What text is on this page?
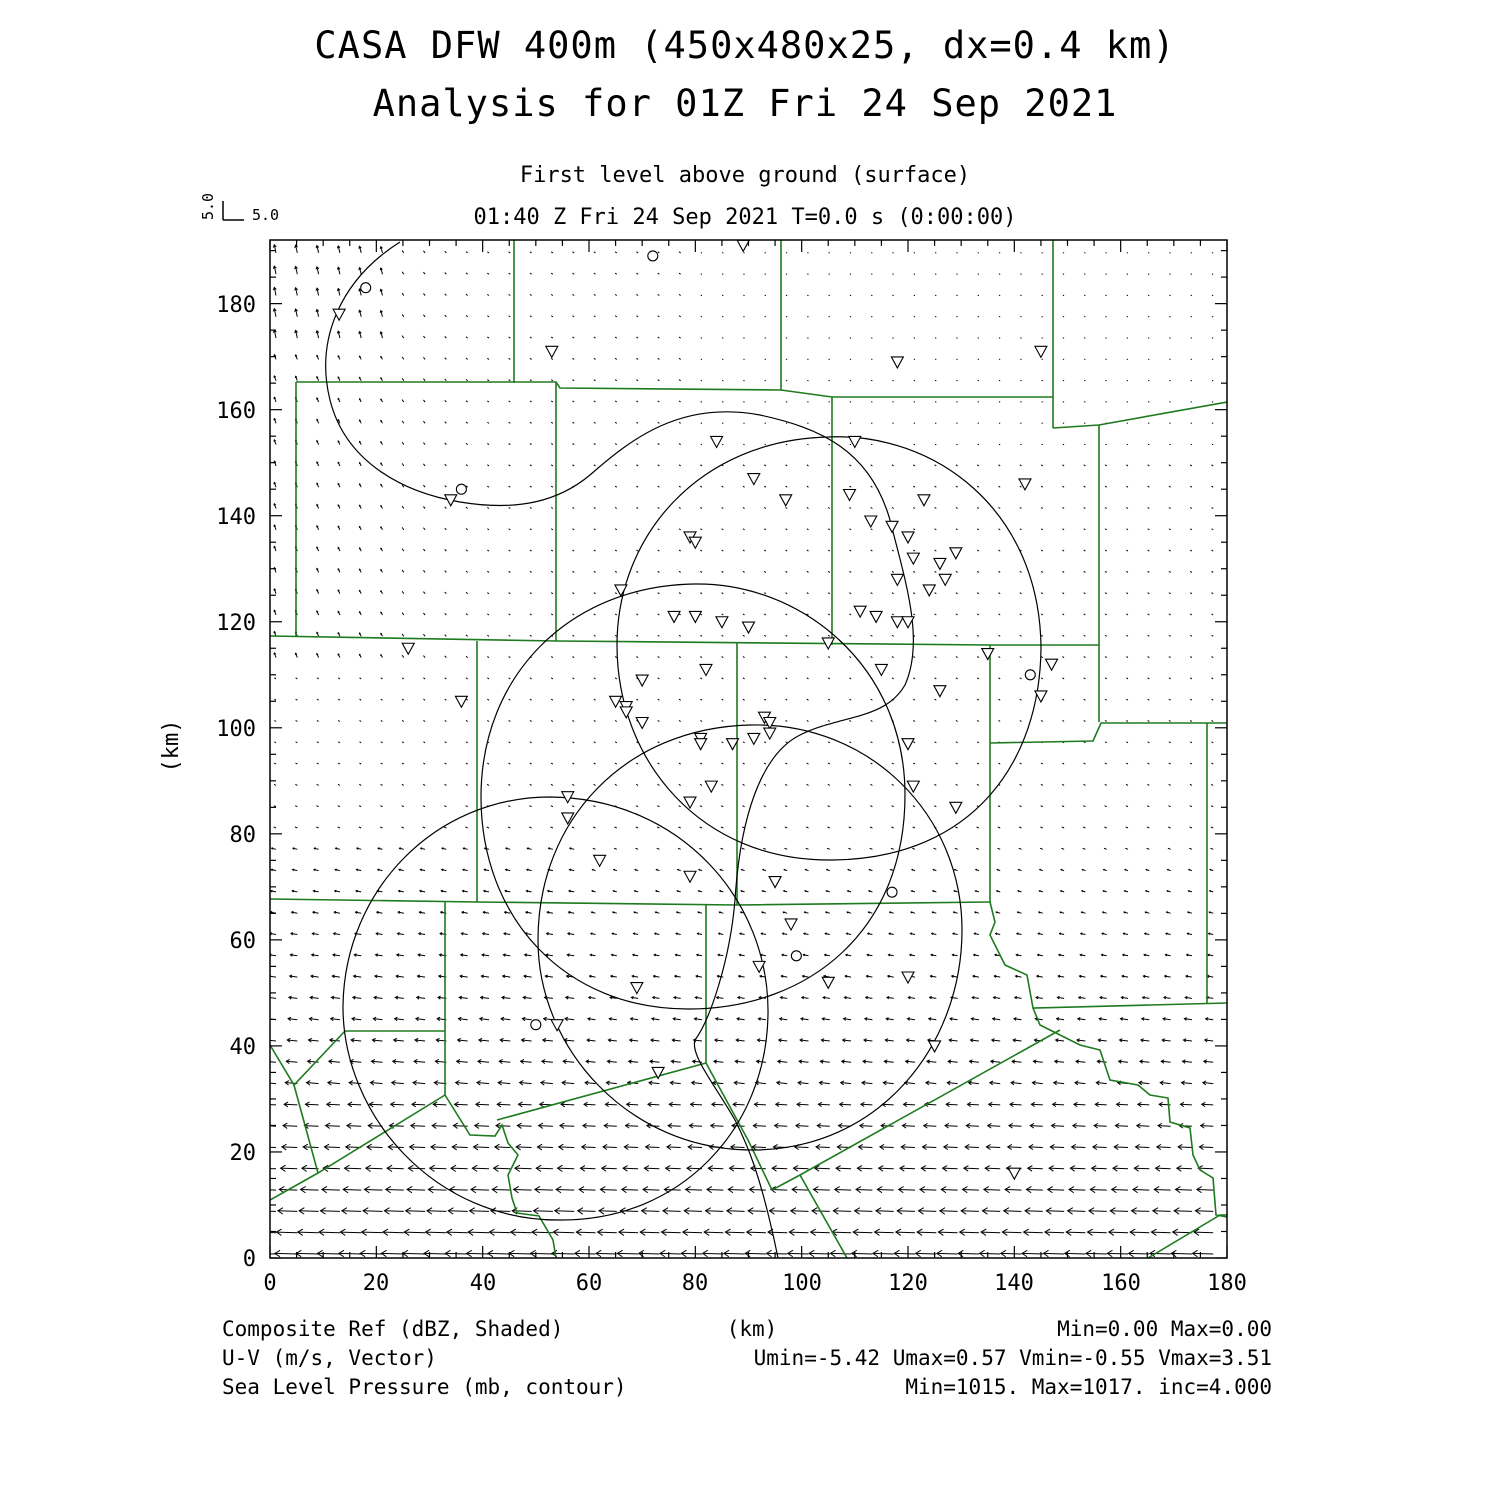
CASA DFW 400m (450x480x25, dx=0.4 km)
Analysis for 01Z Fri 24 Sep 2021
First level above ground (surface)
01:40 Z Fri 24 Sep 2021 T=0.0 s (0:00:00)
5.0 5.0
0	20	40	60	80	100	120	140	160	180
0
20
40
60
80
100
120
140
160
180
(km)
(km)
Composite Ref (dBZ, Shaded)	Min=0.00 Max=0.00
U-V (m/s, Vector)	Umin=-5.42 Umax=0.57 Vmin=-0.55 Vmax=3.51
Sea Level Pressure (mb, contour)	Min=1015. Max=1017. inc=4.000
